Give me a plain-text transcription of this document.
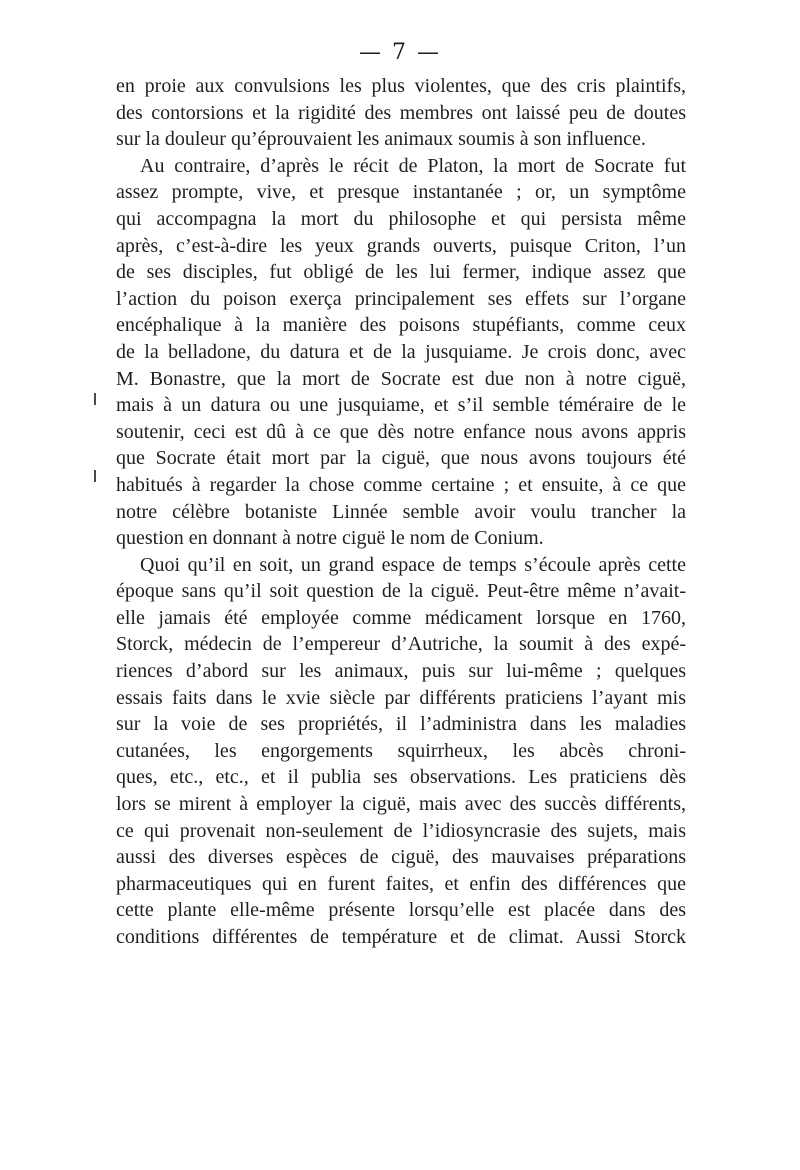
— 7 —
en proie aux convulsions les plus violentes, que des cris plaintifs,
des contorsions et la rigidité des membres ont laissé peu de doutes
sur la douleur qu’éprouvaient les animaux soumis à son influence.
Au contraire, d’après le récit de Platon, la mort de Socrate fut
assez prompte, vive, et presque instantanée ; or, un symptôme
qui accompagna la mort du philosophe et qui persista même
après, c’est-à-dire les yeux grands ouverts, puisque Criton, l’un
de ses disciples, fut obligé de les lui fermer, indique assez que
l’action du poison exerça principalement ses effets sur l’organe
encéphalique à la manière des poisons stupéfiants, comme ceux
de la belladone, du datura et de la jusquiame. Je crois donc, avec
M. Bonastre, que la mort de Socrate est due non à notre ciguë,
mais à un datura ou une jusquiame, et s’il semble téméraire de le
soutenir, ceci est dû à ce que dès notre enfance nous avons appris
que Socrate était mort par la ciguë, que nous avons toujours été
habitués à regarder la chose comme certaine ; et ensuite, à ce que
notre célèbre botaniste Linnée semble avoir voulu trancher la
question en donnant à notre ciguë le nom de Conium.
Quoi qu’il en soit, un grand espace de temps s’écoule après cette
époque sans qu’il soit question de la ciguë. Peut-être même n’avait-
elle jamais été employée comme médicament lorsque en 1760,
Storck, médecin de l’empereur d’Autriche, la soumit à des expé-
riences d’abord sur les animaux, puis sur lui-même ; quelques
essais faits dans le xvie siècle par différents praticiens l’ayant mis
sur la voie de ses propriétés, il l’administra dans les maladies
cutanées, les engorgements squirrheux, les abcès chroni-
ques, etc., etc., et il publia ses observations. Les praticiens dès
lors se mirent à employer la ciguë, mais avec des succès différents,
ce qui provenait non-seulement de l’idiosyncrasie des sujets, mais
aussi des diverses espèces de ciguë, des mauvaises préparations
pharmaceutiques qui en furent faites, et enfin des différences que
cette plante elle-même présente lorsqu’elle est placée dans des
conditions différentes de température et de climat. Aussi Storck
